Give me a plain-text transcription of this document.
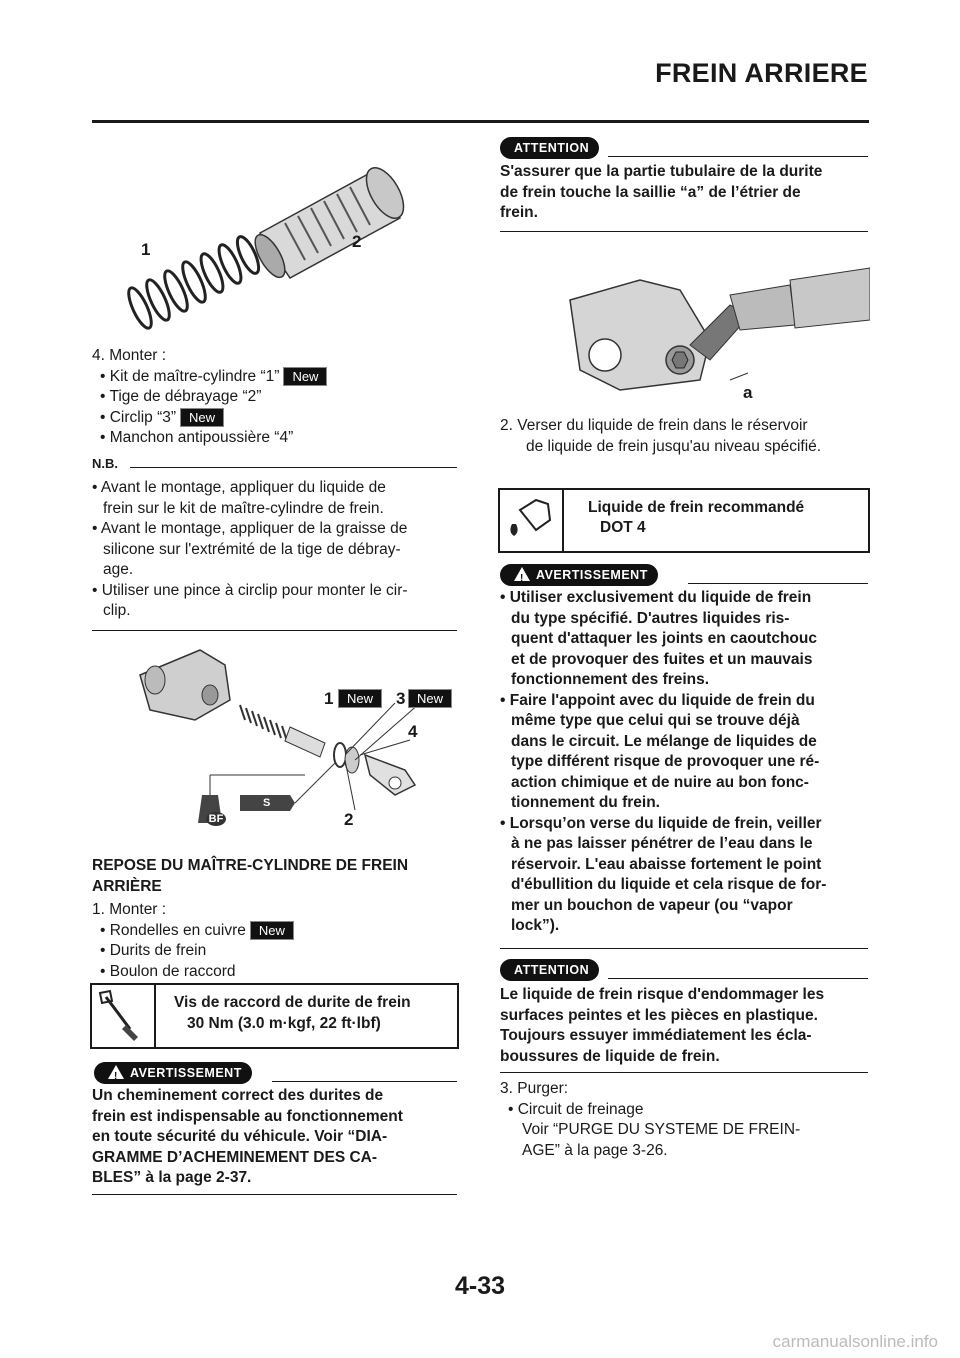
FREIN ARRIERE
1	2
4. Monter :
• Kit de maître-cylindre “1” New
• Tige de débrayage “2”
• Circlip “3” New
• Manchon antipoussière “4”
N.B.
• Avant le montage, appliquer du liquide de
frein sur le kit de maître-cylindre de frein.
• Avant le montage, appliquer de la graisse de
silicone sur l'extrémité de la tige de débray-
age.
• Utiliser une pince à circlip pour monter le cir-
clip.
BF
S
1	New	3 New
4
2
REPOSE DU MAÎTRE-CYLINDRE DE FREIN
ARRIÈRE
1. Monter :
• Rondelles en cuivre New
• Durits de frein
• Boulon de raccord
Vis de raccord de durite de frein
30 Nm (3.0 m·kgf, 22 ft·lbf)
!AVERTISSEMENT
Un cheminement correct des durites de
frein est indispensable au fonctionnement
en toute sécurité du véhicule. Voir “DIA-
GRAMME D’ACHEMINEMENT DES CA-
BLES” à la page 2-37.
ATTENTION
S'assurer que la partie tubulaire de la durite
de frein touche la saillie “a” de l’étrier de
frein.
a
2. Verser du liquide de frein dans le réservoir
de liquide de frein jusqu'au niveau spécifié.
Liquide de frein recommandé
DOT 4
!AVERTISSEMENT
• Utiliser exclusivement du liquide de frein
du type spécifié. D'autres liquides ris-
quent d'attaquer les joints en caoutchouc
et de provoquer des fuites et un mauvais
fonctionnement des freins.
• Faire l'appoint avec du liquide de frein du
même type que celui qui se trouve déjà
dans le circuit. Le mélange de liquides de
type différent risque de provoquer une ré-
action chimique et de nuire au bon fonc-
tionnement du frein.
• Lorsqu’on verse du liquide de frein, veiller
à ne pas laisser pénétrer de l’eau dans le
réservoir. L'eau abaisse fortement le point
d'ébullition du liquide et cela risque de for-
mer un bouchon de vapeur (ou “vapor
lock”).
ATTENTION
Le liquide de frein risque d'endommager les
surfaces peintes et les pièces en plastique.
Toujours essuyer immédiatement les écla-
boussures de liquide de frein.
3. Purger:
• Circuit de freinage
Voir “PURGE DU SYSTEME DE FREIN-
AGE” à la page 3-26.
4-33
carmanualsonline.info
